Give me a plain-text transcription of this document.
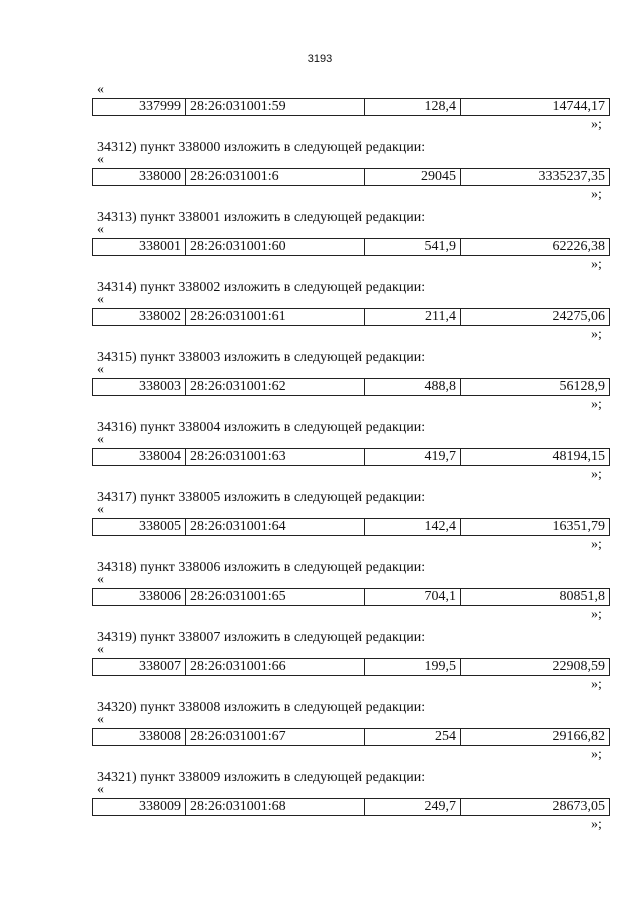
3193
«
337999	28:26:031001:59	128,4	14744,17
»;
34312) пункт 338000 изложить в следующей редакции:
«
338000	28:26:031001:6	29045	3335237,35
»;
34313) пункт 338001 изложить в следующей редакции:
«
338001	28:26:031001:60	541,9	62226,38
»;
34314) пункт 338002 изложить в следующей редакции:
«
338002	28:26:031001:61	211,4	24275,06
»;
34315) пункт 338003 изложить в следующей редакции:
«
338003	28:26:031001:62	488,8	56128,9
»;
34316) пункт 338004 изложить в следующей редакции:
«
338004	28:26:031001:63	419,7	48194,15
»;
34317) пункт 338005 изложить в следующей редакции:
«
338005	28:26:031001:64	142,4	16351,79
»;
34318) пункт 338006 изложить в следующей редакции:
«
338006	28:26:031001:65	704,1	80851,8
»;
34319) пункт 338007 изложить в следующей редакции:
«
338007	28:26:031001:66	199,5	22908,59
»;
34320) пункт 338008 изложить в следующей редакции:
«
338008	28:26:031001:67	254	29166,82
»;
34321) пункт 338009 изложить в следующей редакции:
«
338009	28:26:031001:68	249,7	28673,05
»;
